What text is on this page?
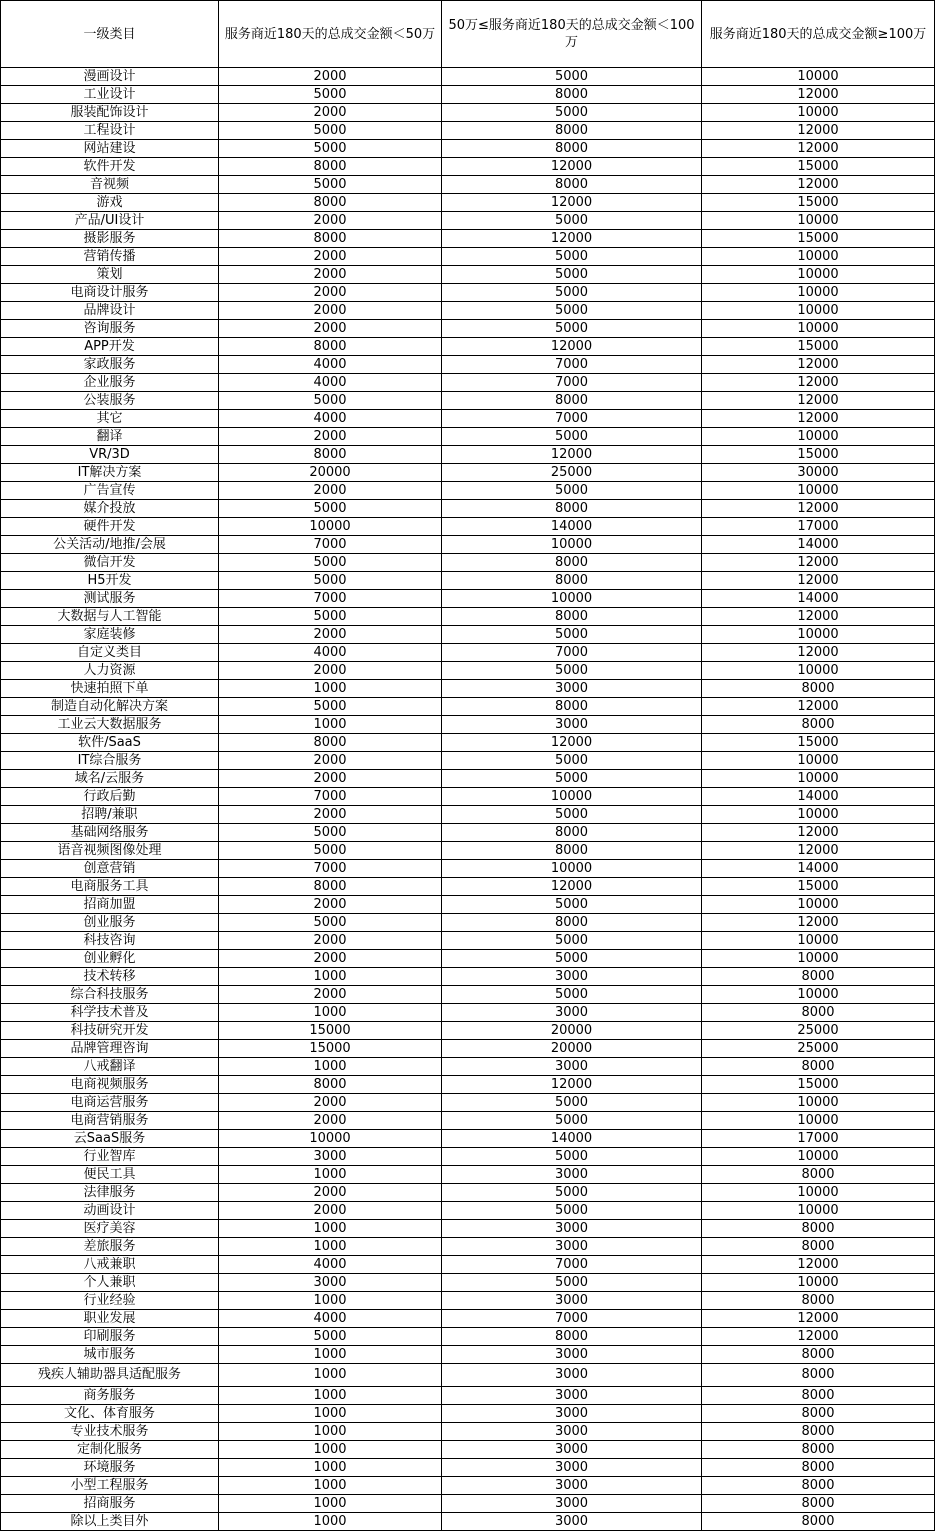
一级类目	服务商近180天的总成交金额＜50万	50万≤服务商近180天的总成交金额＜100万	服务商近180天的总成交金额≥100万
漫画设计	2000	5000	10000
工业设计	5000	8000	12000
服装配饰设计	2000	5000	10000
工程设计	5000	8000	12000
网站建设	5000	8000	12000
软件开发	8000	12000	15000
音视频	5000	8000	12000
游戏	8000	12000	15000
产品/UI设计	2000	5000	10000
摄影服务	8000	12000	15000
营销传播	2000	5000	10000
策划	2000	5000	10000
电商设计服务	2000	5000	10000
品牌设计	2000	5000	10000
咨询服务	2000	5000	10000
APP开发	8000	12000	15000
家政服务	4000	7000	12000
企业服务	4000	7000	12000
公装服务	5000	8000	12000
其它	4000	7000	12000
翻译	2000	5000	10000
VR/3D	8000	12000	15000
IT解决方案	20000	25000	30000
广告宣传	2000	5000	10000
媒介投放	5000	8000	12000
硬件开发	10000	14000	17000
公关活动/地推/会展	7000	10000	14000
微信开发	5000	8000	12000
H5开发	5000	8000	12000
测试服务	7000	10000	14000
大数据与人工智能	5000	8000	12000
家庭装修	2000	5000	10000
自定义类目	4000	7000	12000
人力资源	2000	5000	10000
快速拍照下单	1000	3000	8000
制造自动化解决方案	5000	8000	12000
工业云大数据服务	1000	3000	8000
软件/SaaS	8000	12000	15000
IT综合服务	2000	5000	10000
域名/云服务	2000	5000	10000
行政后勤	7000	10000	14000
招聘/兼职	2000	5000	10000
基础网络服务	5000	8000	12000
语音视频图像处理	5000	8000	12000
创意营销	7000	10000	14000
电商服务工具	8000	12000	15000
招商加盟	2000	5000	10000
创业服务	5000	8000	12000
科技咨询	2000	5000	10000
创业孵化	2000	5000	10000
技术转移	1000	3000	8000
综合科技服务	2000	5000	10000
科学技术普及	1000	3000	8000
科技研究开发	15000	20000	25000
品牌管理咨询	15000	20000	25000
八戒翻译	1000	3000	8000
电商视频服务	8000	12000	15000
电商运营服务	2000	5000	10000
电商营销服务	2000	5000	10000
云SaaS服务	10000	14000	17000
行业智库	3000	5000	10000
便民工具	1000	3000	8000
法律服务	2000	5000	10000
动画设计	2000	5000	10000
医疗美容	1000	3000	8000
差旅服务	1000	3000	8000
八戒兼职	4000	7000	12000
个人兼职	3000	5000	10000
行业经验	1000	3000	8000
职业发展	4000	7000	12000
印刷服务	5000	8000	12000
城市服务	1000	3000	8000
残疾人辅助器具适配服务	1000	3000	8000
商务服务	1000	3000	8000
文化、体育服务	1000	3000	8000
专业技术服务	1000	3000	8000
定制化服务	1000	3000	8000
环境服务	1000	3000	8000
小型工程服务	1000	3000	8000
招商服务	1000	3000	8000
除以上类目外	1000	3000	8000
